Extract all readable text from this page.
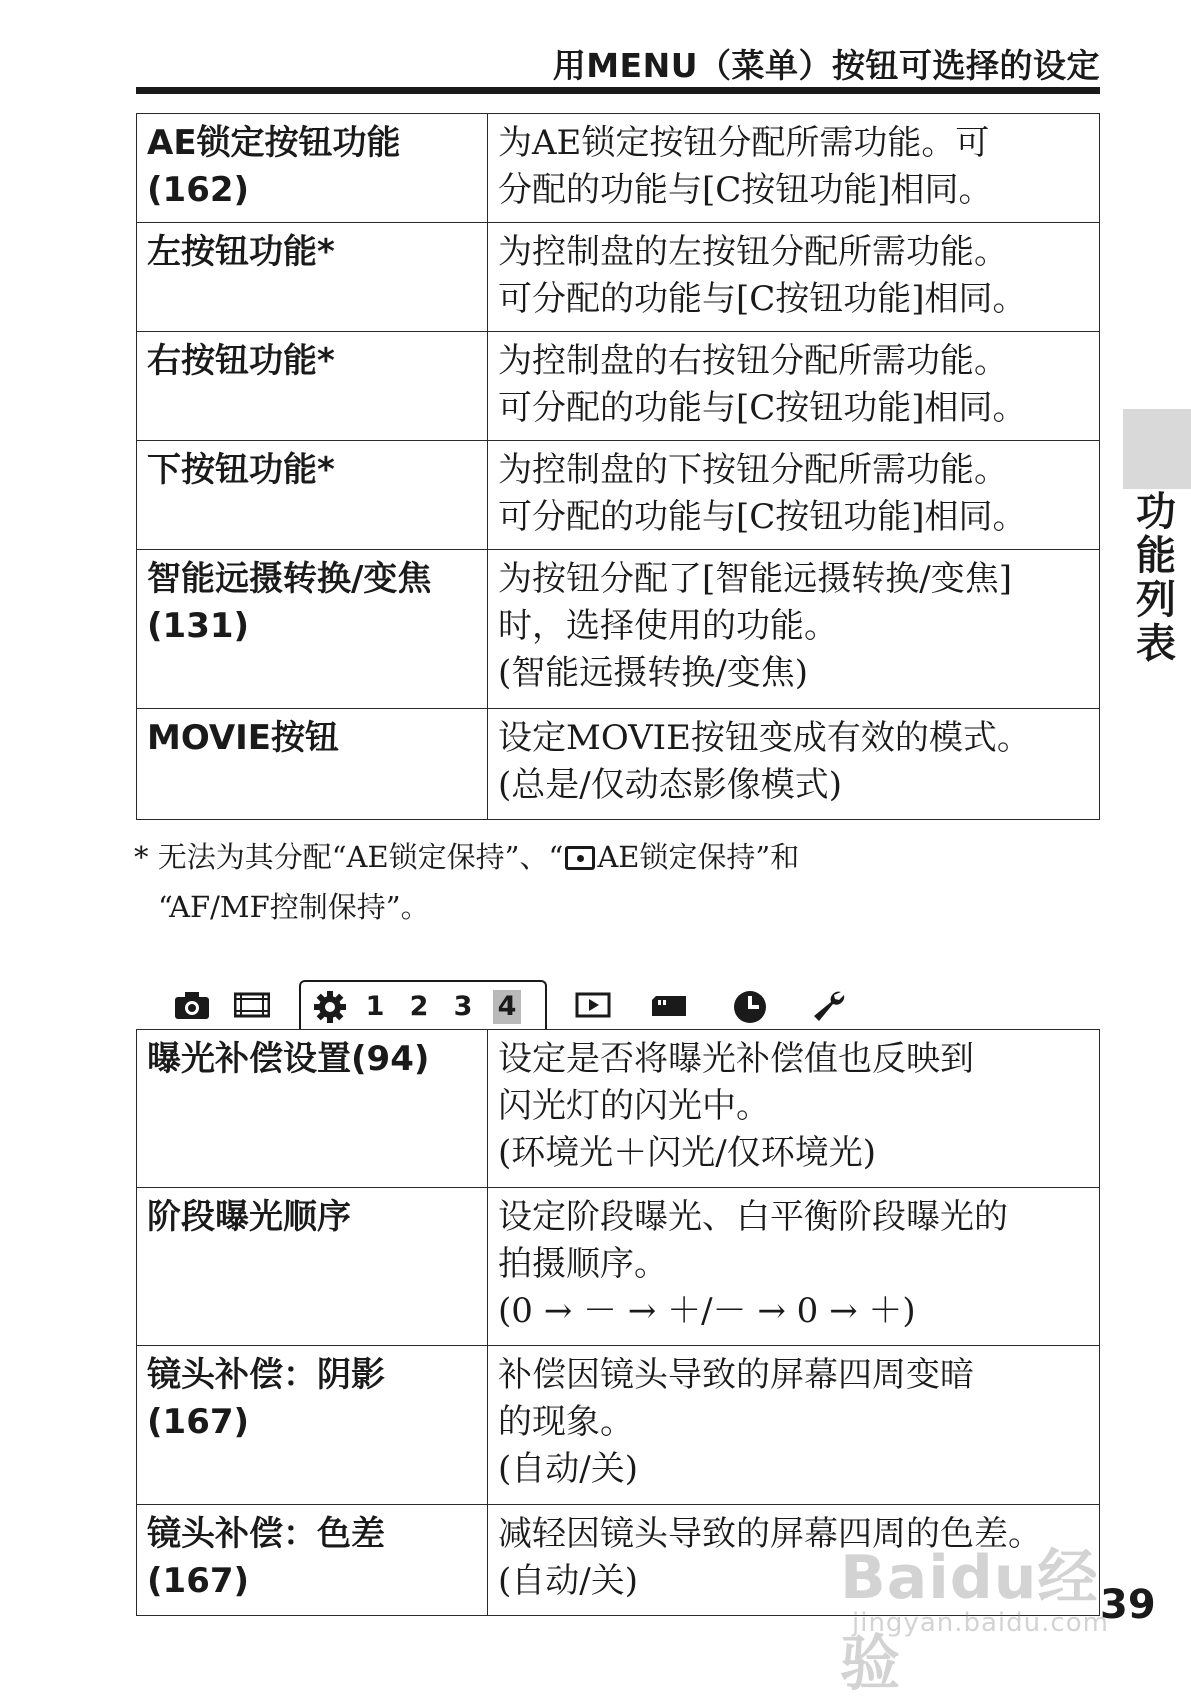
用MENU（菜单）按钮可选择的设定
AE锁定按钮功能
(162)	为AE锁定按钮分配所需功能。可
分配的功能与[C按钮功能]相同。

左按钮功能*	为控制盘的左按钮分配所需功能。
可分配的功能与[C按钮功能]相同。

右按钮功能*	为控制盘的右按钮分配所需功能。
可分配的功能与[C按钮功能]相同。

下按钮功能*	为控制盘的下按钮分配所需功能。
可分配的功能与[C按钮功能]相同。

智能远摄转换/变焦
(131)	为按钮分配了[智能远摄转换/变焦]
时，选择使用的功能。
(智能远摄转换/变焦)

MOVIE按钮	设定MOVIE按钮变成有效的模式。
(总是/仅动态影像模式)
* 无法为其分配“AE锁定保持”、“ AE锁定保持”和
“AF/MF控制保持”。
1 2 3 4
曝光补偿设置(94)	设定是否将曝光补偿值也反映到
闪光灯的闪光中。
(环境光＋闪光/仅环境光)

阶段曝光顺序	设定阶段曝光、白平衡阶段曝光的
拍摄顺序。
(0 → － → ＋/－ → 0 → ＋)

镜头补偿：阴影
(167)	补偿因镜头导致的屏幕四周变暗
的现象。
(自动/关)

镜头补偿：色差
(167)	减轻因镜头导致的屏幕四周的色差。
(自动/关)
功
能
列
表
Baidu经验
jingyan.baidu.com
39
